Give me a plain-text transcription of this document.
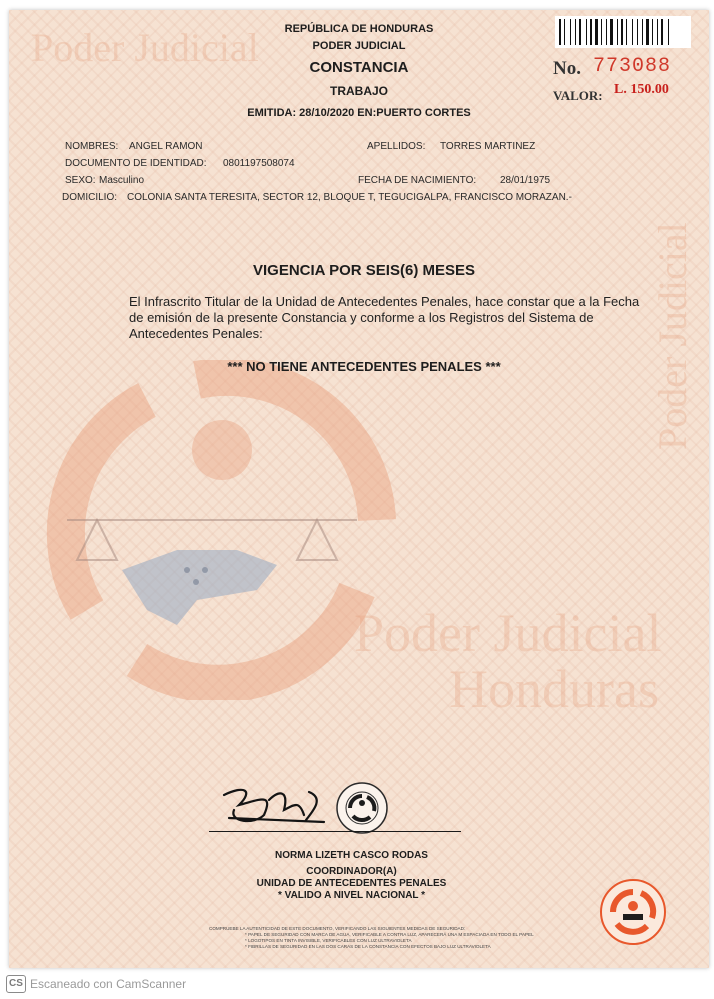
Poder Judicial
Poder Judicial
Honduras
Poder Judicial
REPÚBLICA DE HONDURAS
PODER JUDICIAL
CONSTANCIA
TRABAJO
EMITIDA: 28/10/2020 EN:PUERTO CORTES
No. 773088
VALOR: L. 150.00
NOMBRES: ANGEL RAMON	APELLIDOS: TORRES MARTINEZ
DOCUMENTO DE IDENTIDAD: 0801197508074
SEXO: Masculino	FECHA DE NACIMIENTO: 28/01/1975
DOMICILIO: COLONIA SANTA TERESITA, SECTOR 12, BLOQUE T, TEGUCIGALPA, FRANCISCO MORAZAN.-
VIGENCIA POR SEIS(6) MESES
El Infrascrito Titular de la Unidad de Antecedentes Penales, hace constar que a la Fecha de emisión de la presente Constancia y conforme a los Registros del Sistema de Antecedentes Penales:
*** NO TIENE ANTECEDENTES PENALES ***
NORMA LIZETH CASCO RODAS
COORDINADOR(A)
UNIDAD DE ANTECEDENTES PENALES
* VALIDO A NIVEL NACIONAL *
COMPRUEBE LA AUTENTICIDAD DE ESTE DOCUMENTO, VERIFICANDO LAS SIGUIENTES MEDIDAS DE SEGURIDAD:
* PAPEL DE SEGURIDAD CON MARCA DE AGUA, VERIFICABLE A CONTRA LUZ, APARECERÁ UNA M ESPACIADA EN TODO EL PAPEL
* LOGOTIPOS EN TINTA INVISIBLE, VERIFICABLES CON LUZ ULTRAVIOLETA
* FIBRILLAS DE SEGURIDAD EN LAS DOS CARAS DE LA CONSTANCIA CON EFECTOS BAJO LUZ ULTRAVIOLETA
CS Escaneado con CamScanner
